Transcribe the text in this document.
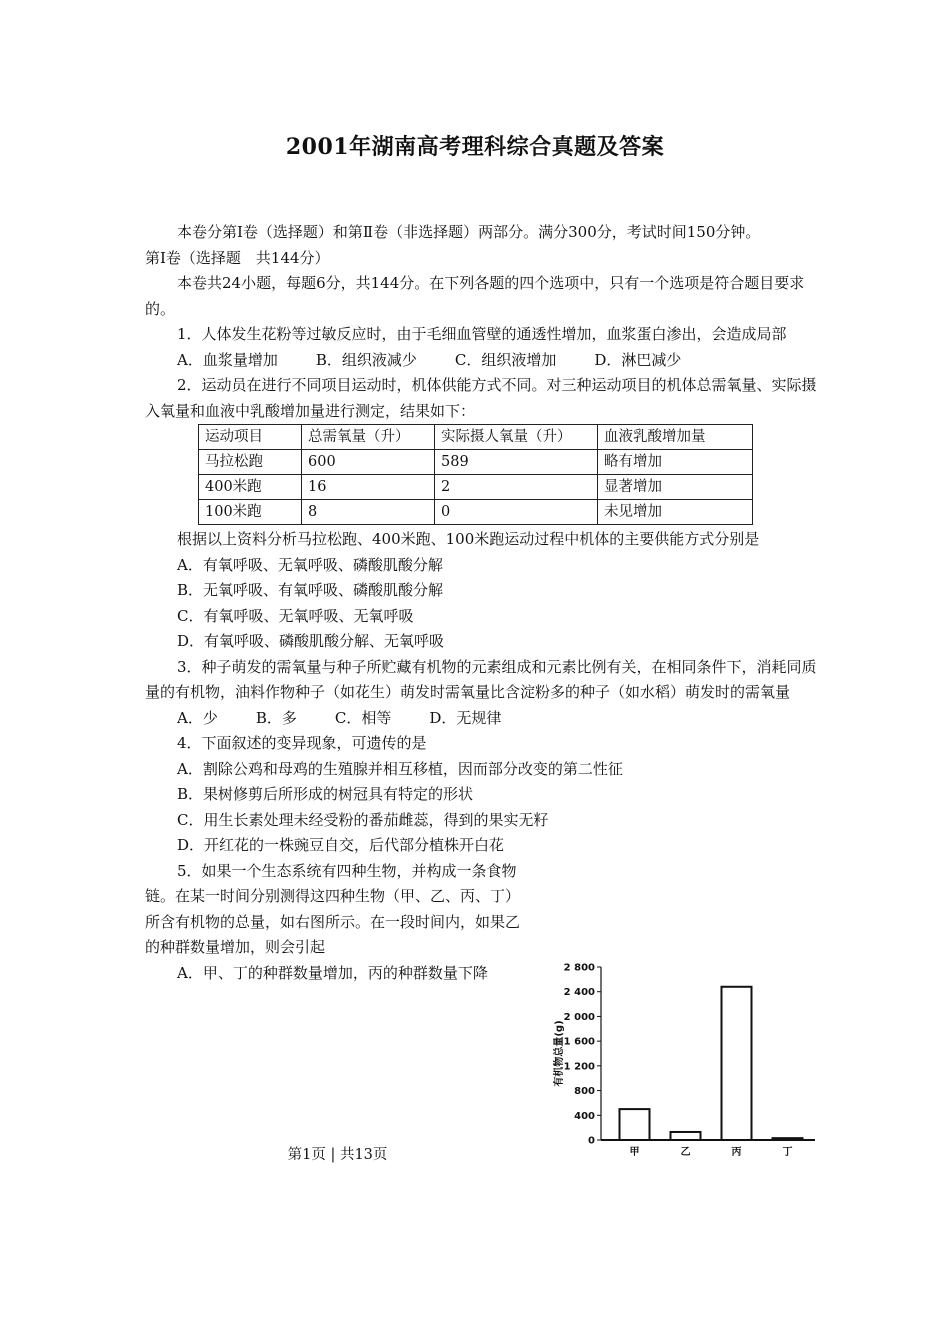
2001年湖南高考理科综合真题及答案

本卷分第Ⅰ卷（选择题）和第Ⅱ卷（非选择题）两部分。满分300分，考试时间150分钟。

第Ⅰ卷（选择题　共144分）

本卷共24小题，每题6分，共144分。在下列各题的四个选项中，只有一个选项是符合题目要求的。

1．人体发生花粉等过敏反应时，由于毛细血管壁的通透性增加，血浆蛋白渗出，会造成局部

A．血浆量增加	B．组织液减少	C．组织液增加	D．淋巴减少

2．运动员在进行不同项目运动时，机体供能方式不同。对三种运动项目的机体总需氧量、实际摄入氧量和血液中乳酸增加量进行测定，结果如下：

运动项目	总需氧量（升）	实际摄人氧量（升）	血液乳酸增加量
马拉松跑	600	589	略有增加
400米跑	16	2	显著增加
100米跑	8	0	未见增加

根据以上资料分析马拉松跑、400米跑、100米跑运动过程中机体的主要供能方式分别是

A．有氧呼吸、无氧呼吸、磷酸肌酸分解

B．无氧呼吸、有氧呼吸、磷酸肌酸分解

C．有氧呼吸、无氧呼吸、无氧呼吸

D．有氧呼吸、磷酸肌酸分解、无氧呼吸

3．种子萌发的需氧量与种子所贮藏有机物的元素组成和元素比例有关，在相同条件下，消耗同质量的有机物，油料作物种子（如花生）萌发时需氧量比含淀粉多的种子（如水稻）萌发时的需氧量

A．少	B．多	C．相等	D．无规律

4．下面叙述的变异现象，可遗传的是

A．割除公鸡和母鸡的生殖腺并相互移植，因而部分改变的第二性征

B．果树修剪后所形成的树冠具有特定的形状

C．用生长素处理未经受粉的番茄雌蕊，得到的果实无籽

D．开红花的一株豌豆自交，后代部分植株开白花

5．如果一个生态系统有四种生物，并构成一条食物链。在某一时间分别测得这四种生物（甲、乙、丙、丁）所含有机物的总量，如右图所示。在一段时间内，如果乙的种群数量增加，则会引起

A．甲、丁的种群数量增加，丙的种群数量下降

0
400
800
1 200
1 600
2 000
2 400
2 800
有机物总量(g)
甲	乙	丙	丁
第1页 | 共13页
